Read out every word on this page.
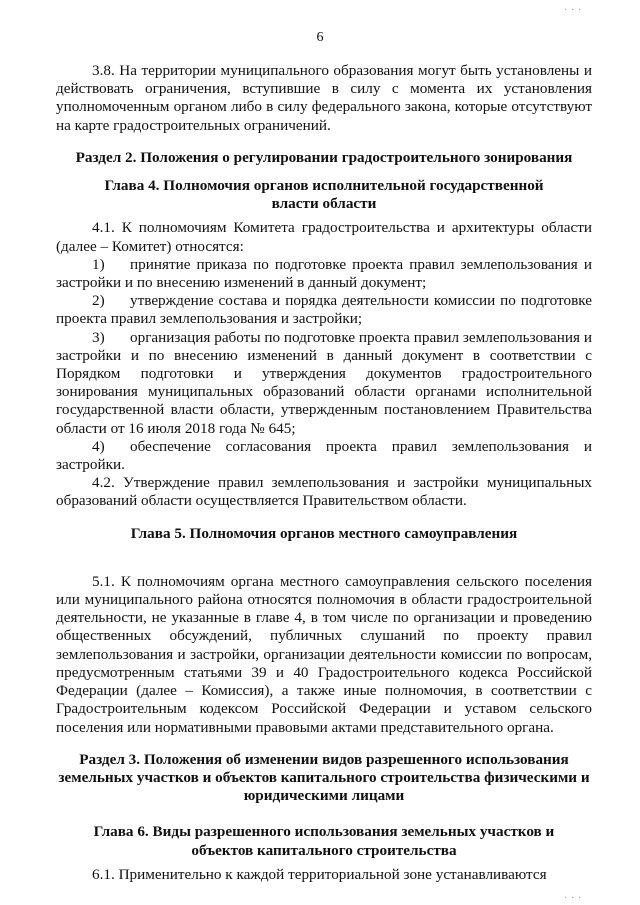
. . .
6

3.8. На территории муниципального образования могут быть установлены и действовать ограничения, вступившие в силу с момента их установления уполномоченным органом либо в силу федерального закона, которые отсутствуют на карте градостроительных ограничений.

Раздел 2. Положения о регулировании градостроительного зонирования

Глава 4. Полномочия органов исполнительной государственной власти области

4.1. К полномочиям Комитета градостроительства и архитектуры области (далее – Комитет) относятся:

1) принятие приказа по подготовке проекта правил землепользования и застройки и по внесению изменений в данный документ;

2) утверждение состава и порядка деятельности комиссии по подготовке проекта правил землепользования и застройки;

3) организация работы по подготовке проекта правил землепользования и застройки и по внесению изменений в данный документ в соответствии с Порядком подготовки и утверждения документов градостроительного зонирования муниципальных образований области органами исполнительной государственной власти области, утвержденным постановлением Правительства области от 16 июля 2018 года № 645;

4) обеспечение согласования проекта правил землепользования и застройки.

4.2. Утверждение правил землепользования и застройки муниципальных образований области осуществляется Правительством области.

Глава 5. Полномочия органов местного самоуправления

5.1. К полномочиям органа местного самоуправления сельского поселения или муниципального района относятся полномочия в области градостроительной деятельности, не указанные в главе 4, в том числе по организации и проведению общественных обсуждений, публичных слушаний по проекту правил землепользования и застройки, организации деятельности комиссии по вопросам, предусмотренным статьями 39 и 40 Градостроительного кодекса Российской Федерации (далее – Комиссия), а также иные полномочия, в соответствии с Градостроительным кодексом Российской Федерации и уставом сельского поселения или нормативными правовыми актами представительного органа.

Раздел 3. Положения об изменении видов разрешенного использования земельных участков и объектов капитального строительства физическими и юридическими лицами

Глава 6. Виды разрешенного использования земельных участков и объектов капитального строительства

6.1. Применительно к каждой территориальной зоне устанавливаются

. . .
